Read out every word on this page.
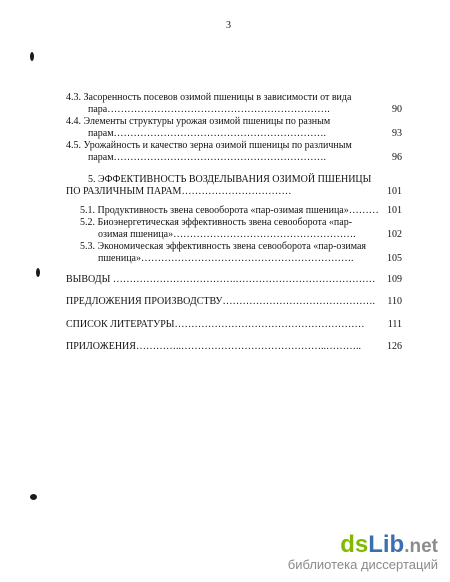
3
4.3. Засоренность посевов озимой пшеницы в зависимости от вида
пара………………………………………………………….	90
4.4. Элементы структуры урожая озимой пшеницы по разным
парам……………………………………………………….	93
4.5. Урожайность и качество зерна озимой пшеницы по различным
парам……………………………………………………….	96
5. ЭФФЕКТИВНОСТЬ ВОЗДЕЛЫВАНИЯ ОЗИМОЙ ПШЕНИЦЫ
ПО РАЗЛИЧНЫМ ПАРАМ……………………………	101
5.1. Продуктивность звена севооборота «пар-озимая пшеница»……… 101
5.2. Биоэнергетическая эффективность звена севооборота «пар-
озимая пшеница»……………………………………………….	102
5.3. Экономическая эффективность звена севооборота «пар-озимая
пшеница»……………………………………………………….	105
ВЫВОДЫ ……………………………….……………………………………	109
ПРЕДЛОЖЕНИЯ ПРОИЗВОДСТВУ……………………………………….	110
СПИСОК ЛИТЕРАТУРЫ…………………………………………………	111
ПРИЛОЖЕНИЯ…………..……………………………………..………..	126
dsLib.net
библиотека диссертаций
